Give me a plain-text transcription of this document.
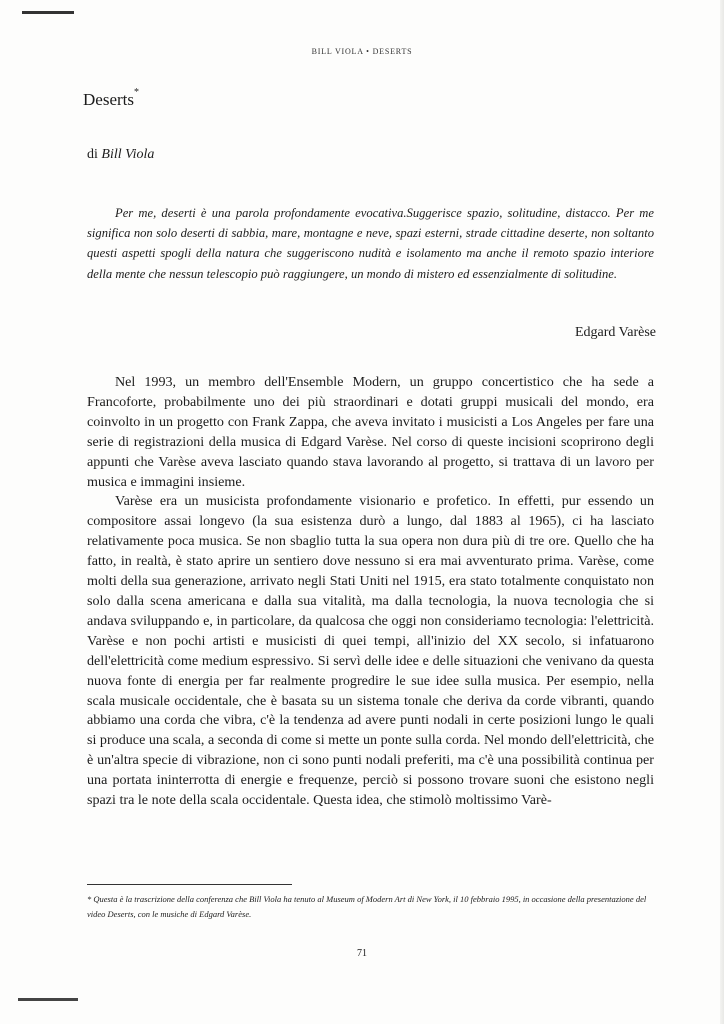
BILL VIOLA • DESERTS
Deserts*

di Bill Viola

Per me, deserti è una parola profondamente evocativa.Suggerisce spazio, solitudine, distacco. Per me significa non solo deserti di sabbia, mare, montagne e neve, spazi esterni, strade cittadine deserte, non soltanto questi aspetti spogli della natura che suggeriscono nudità e isolamento ma anche il remoto spazio interiore della mente che nessun telescopio può raggiungere, un mondo di mistero ed essenzialmente di solitudine.

Edgard Varèse

Nel 1993, un membro dell'Ensemble Modern, un gruppo concertistico che ha sede a Francoforte, probabilmente uno dei più straordinari e dotati gruppi musicali del mondo, era coinvolto in un progetto con Frank Zappa, che aveva invitato i musicisti a Los Angeles per fare una serie di registrazioni della musica di Edgard Varèse. Nel corso di queste incisioni scoprirono degli appunti che Varèse aveva lasciato quando stava lavorando al progetto, si trattava di un lavoro per musica e immagini insieme.

Varèse era un musicista profondamente visionario e profetico. In effetti, pur essendo un compositore assai longevo (la sua esistenza durò a lungo, dal 1883 al 1965), ci ha lasciato relativamente poca musica. Se non sbaglio tutta la sua opera non dura più di tre ore. Quello che ha fatto, in realtà, è stato aprire un sentiero dove nessuno si era mai avventurato prima. Varèse, come molti della sua generazione, arrivato negli Stati Uniti nel 1915, era stato totalmente conquistato non solo dalla scena americana e dalla sua vitalità, ma dalla tecnologia, la nuova tecnologia che si andava sviluppando e, in particolare, da qualcosa che oggi non consideriamo tecnologia: l'elettricità. Varèse e non pochi artisti e musicisti di quei tempi, all'inizio del XX secolo, si infatuarono dell'elettricità come medium espressivo. Si servì delle idee e delle situazioni che venivano da questa nuova fonte di energia per far realmente progredire le sue idee sulla musica. Per esempio, nella scala musicale occidentale, che è basata su un sistema tonale che deriva da corde vibranti, quando abbiamo una corda che vibra, c'è la tendenza ad avere punti nodali in certe posizioni lungo le quali si produce una scala, a seconda di come si mette un ponte sulla corda. Nel mondo dell'elettricità, che è un'altra specie di vibrazione, non ci sono punti nodali preferiti, ma c'è una possibilità continua per una portata ininterrotta di energie e frequenze, perciò si possono trovare suoni che esistono negli spazi tra le note della scala occidentale. Questa idea, che stimolò moltissimo Varè-

* Questa è la trascrizione della conferenza che Bill Viola ha tenuto al Museum of Modern Art di New York, il 10 febbraio 1995, in occasione della presentazione del video Deserts, con le musiche di Edgard Varèse.

71
